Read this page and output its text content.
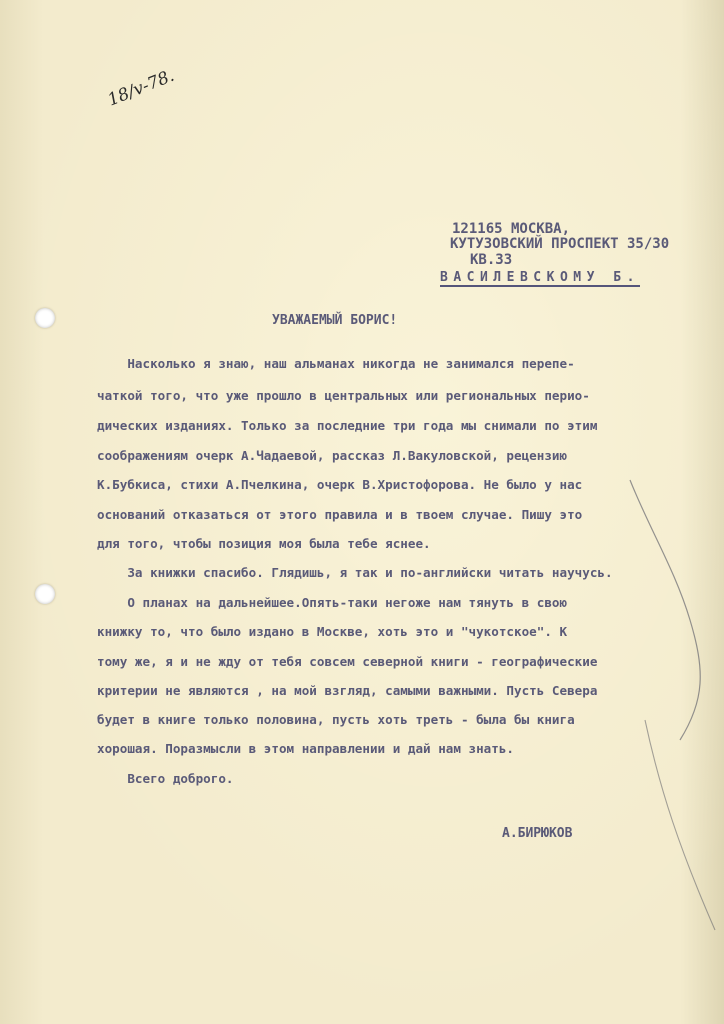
18/v-78.
121165 МОСКВА,
КУТУЗОВСКИЙ ПРОСПЕКТ 35/30
КВ.33
ВАСИЛЕВСКОМУ Б.
УВАЖАЕМЫЙ БОРИС!
Насколько я знаю, наш альманах никогда не занимался перепе-
чаткой того, что уже прошло в центральных или региональных перио-
дических изданиях. Только за последние три года мы снимали по этим
соображениям очерк А.Чадаевой, рассказ Л.Вакуловской, рецензию
К.Бубкиса, стихи А.Пчелкина, очерк В.Христофорова. Не было у нас
оснований отказаться от этого правила и в твоем случае. Пишу это
для того, чтобы позиция моя была тебе яснее.
За книжки спасибо. Глядишь, я так и по-английски читать научусь.
О планах на дальнейшее.Опять-таки негоже нам тянуть в свою
книжку то, что было издано в Москве, хоть это и "чукотское". К
тому же, я и не жду от тебя совсем северной книги - географические
критерии не являются , на мой взгляд, самыми важными. Пусть Севера
будет в книге только половина, пусть хоть треть - была бы книга
хорошая. Поразмысли в этом направлении и дай нам знать.
Всего доброго.
А.БИРЮКОВ
